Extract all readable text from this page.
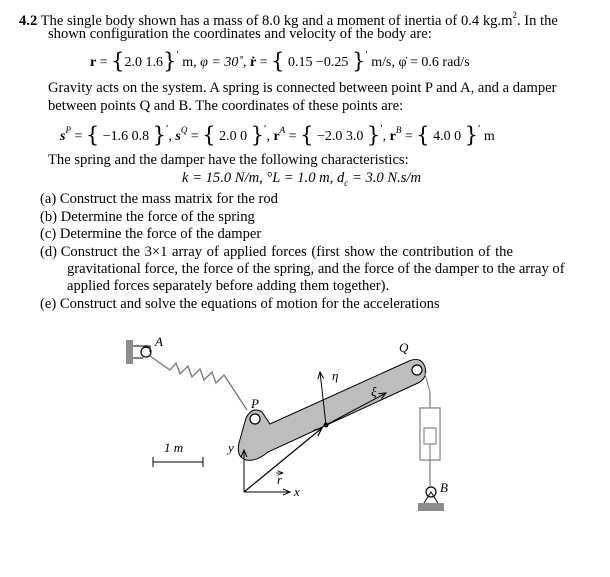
4.2 The single body shown has a mass of 8.0 kg and a moment of inertia of 0.4 $kg.m^2$. In the
shown configuration the coordinates and velocity of the body are:
r = {2.0 1.6}′ m, φ = 30˚, ṙ = { 0.15 −0.25 }′ m/s, φ̇ = 0.6 rad/s
Gravity acts on the system. A spring is connected between point P and A, and a damper
between points Q and B. The coordinates of these points are:
$s^P$ = { −1.6 0.8 }′, $s^Q$ = { 2.0 0 }′, $r^A$ = { −2.0 3.0 }′, $r^B$ = { 4.0 0 }′ m
The spring and the damper have the following characteristics:
k = 15.0 N/m, °L = 1.0 m, $d_c = 3.0$ N.s/m
(a) Construct the mass matrix for the rod
(b) Determine the force of the spring
(c) Determine the force of the damper
(d) Construct the 3×1 array of applied forces (first show the contribution of the
gravitational force, the force of the spring, and the force of the damper to the array of
applied forces separately before adding them together).
(e) Construct and solve the equations of motion for the accelerations
A
P
Q
η
ξ
y
x
r
1 m
B
